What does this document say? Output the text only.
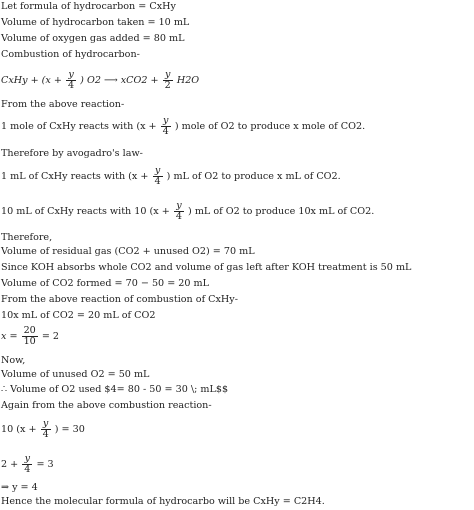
Let formula of hydrocarbon = CxHy
Volume of hydrocarbon taken = 10 mL
Volume of oxygen gas added = 80 mL
Combustion of hydrocarbon-
CxHy + ($x + \frac{y}{4}$ ) O2 ⟶ $xCO2 + \frac{y}{2} H2O$
From the above reaction-
1 mole of CxHy reacts with ($x + \frac{y}{4}$ ) mole of O2 to produce x mole of CO2.
Therefore by avogadro's law-
1 mL of CxHy reacts with ($x + \frac{y}{4}$ ) mL of O2 to produce x mL of CO2.
10 mL of CxHy reacts with 10 ($x + \frac{y}{4}$ ) mL of O2 to produce 10x mL of CO2.
Therefore,
Volume of residual gas (CO2 + unused O2) = 70 mL
Since KOH absorbs whole CO2 and volume of gas left after KOH treatment is 50 mL
Volume of CO2 formed = 70 − 50 = 20 mL
From the above reaction of combustion of CxHy-
10x mL of CO2 = 20 mL of CO2
$x = \frac{20}{10} = 2$
Now,
Volume of unused O2 = 50 mL
∴ Volume of O2 used $4= 80 - 50 = 30 \; mL$$
Again from the above combustion reaction-
10 ($x + \frac{y}{4}$ ) = 30
$2 + \frac{y}{4} = 3$
⇒ y = 4
Hence the molecular formula of hydrocarbo will be CxHy = C2H4.
